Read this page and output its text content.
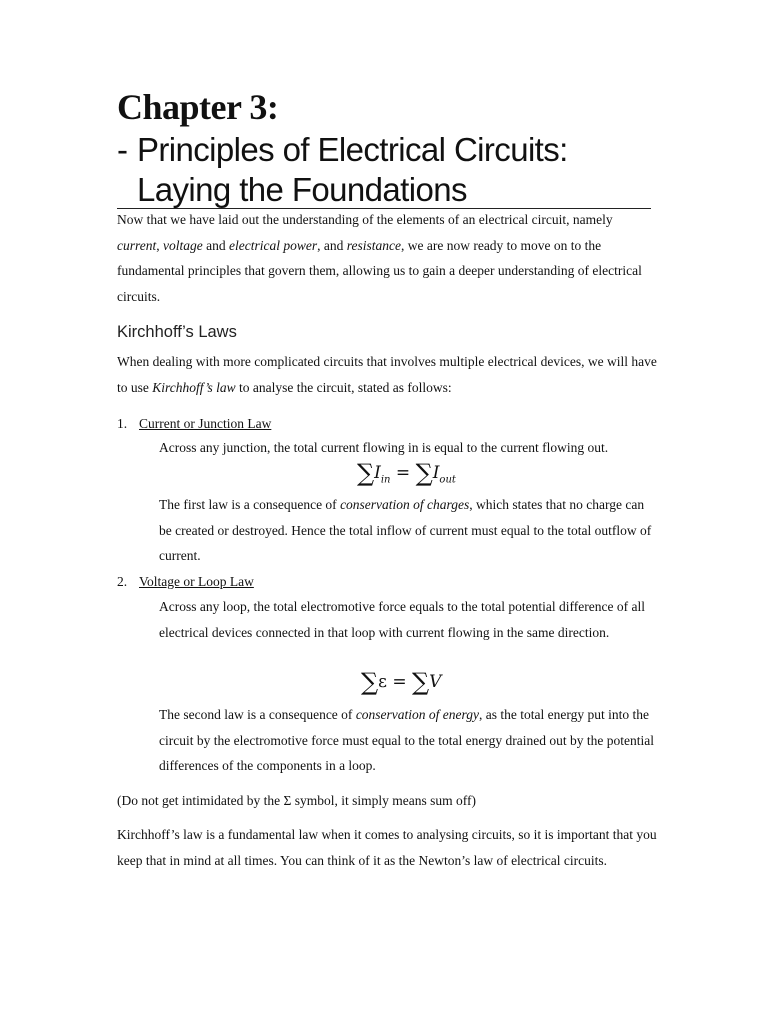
Chapter 3:
- Principles of Electrical Circuits: Laying the Foundations

Now that we have laid out the understanding of the elements of an electrical circuit, namely current, voltage and electrical power, and resistance, we are now ready to move on to the fundamental principles that govern them, allowing us to gain a deeper understanding of electrical circuits.

Kirchhoff’s Laws

When dealing with more complicated circuits that involves multiple electrical devices, we will have to use Kirchhoff’s law to analyse the circuit, stated as follows:

1. Current or Junction Law

Across any junction, the total current flowing in is equal to the current flowing out.

$\sum I_{in} = \sum I_{out}$

The first law is a consequence of conservation of charges, which states that no charge can be created or destroyed. Hence the total inflow of current must equal to the total outflow of current.

2. Voltage or Loop Law

Across any loop, the total electromotive force equals to the total potential difference of all electrical devices connected in that loop with current flowing in the same direction.

∑ε = ∑V

The second law is a consequence of conservation of energy, as the total energy put into the circuit by the electromotive force must equal to the total energy drained out by the potential differences of the components in a loop.

(Do not get intimidated by the Σ symbol, it simply means sum off)

Kirchhoff’s law is a fundamental law when it comes to analysing circuits, so it is important that you keep that in mind at all times. You can think of it as the Newton’s law of electrical circuits.
